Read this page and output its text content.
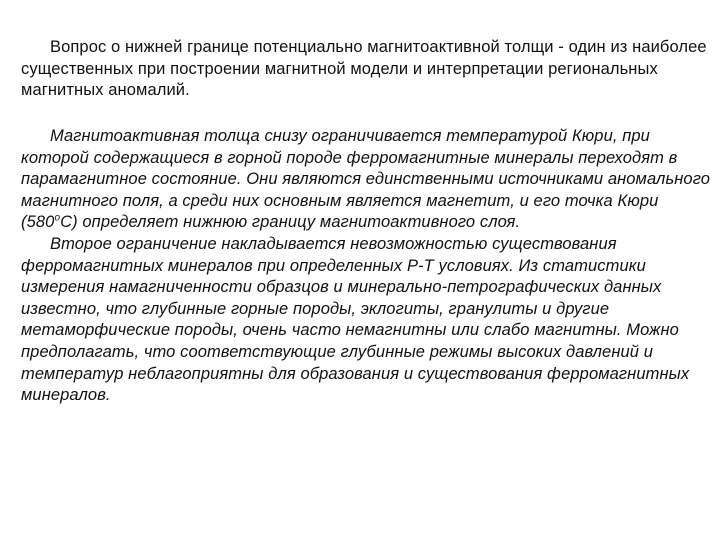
Вопрос о нижней границе потенциально магнитоактивной толщи - один из наиболее существенных при построении магнитной модели и интерпретации региональных магнитных аномалий.

Магнитоактивная толща снизу ограничивается температурой Кюри, при которой содержащиеся в горной породе ферромагнитные минералы переходят в парамагнитное состояние. Они являются единственными источниками аномального магнитного поля, а среди них основным является магнетит, и его точка Кюри $(580^оС)$ определяет нижнюю границу магнитоактивного слоя.

Второе ограничение накладывается невозможностью существования ферромагнитных минералов при определенных Р-Т условиях. Из статистики измерения намагниченности образцов и минерально-петрографических данных известно, что глубинные горные породы, эклогиты, гранулиты и другие метаморфические породы, очень часто немагнитны или слабо магнитны. Можно предполагать, что соответствующие глубинные режимы высоких давлений и температур неблагоприятны для образования и существования ферромагнитных минералов.
